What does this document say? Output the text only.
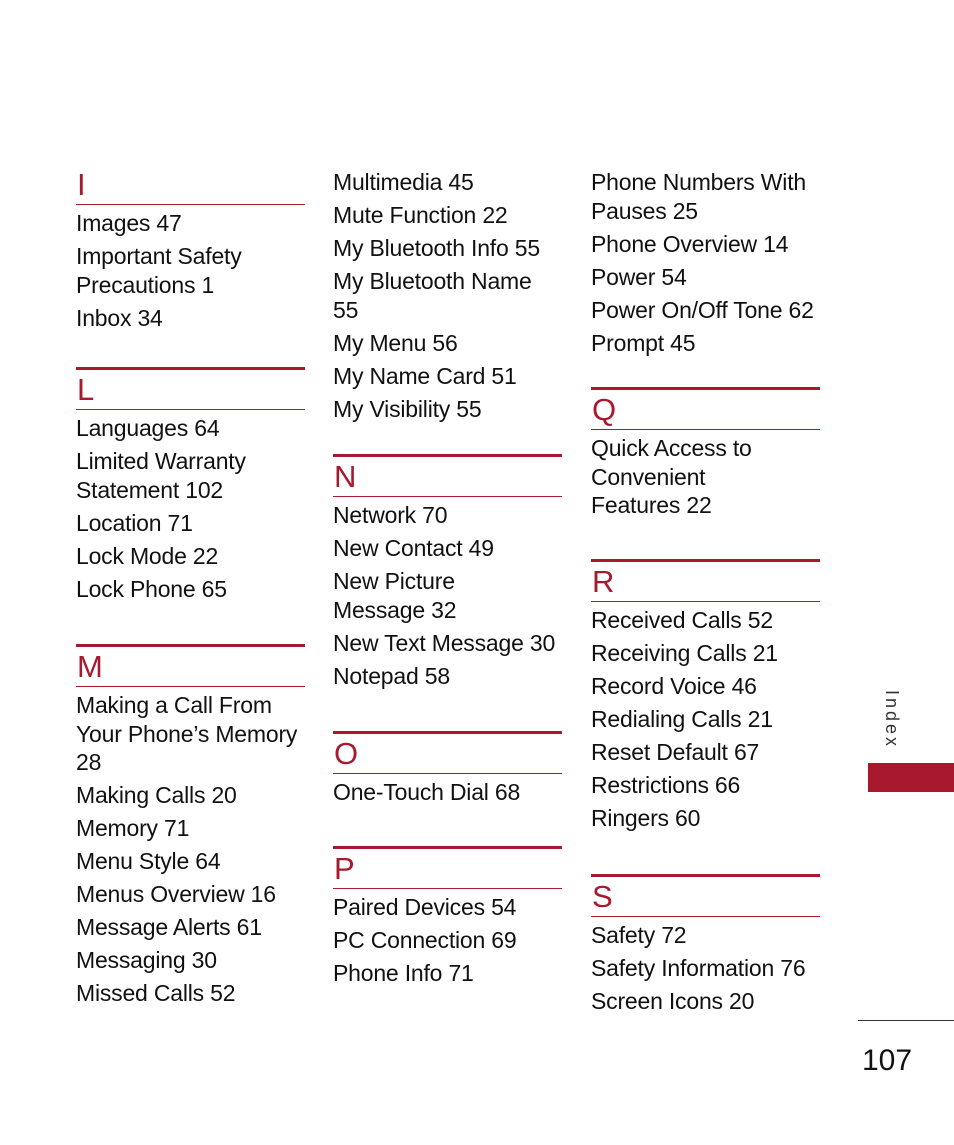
I
Images 47
Important Safety Precautions 1
Inbox 34
L
Languages 64
Limited Warranty Statement 102
Location 71
Lock Mode 22
Lock Phone 65
M
Making a Call From Your Phone’s Memory 28
Making Calls 20
Memory 71
Menu Style 64
Menus Overview 16
Message Alerts 61
Messaging 30
Missed Calls 52
Multimedia 45
Mute Function 22
My Bluetooth Info 55
My Bluetooth Name 55
My Menu 56
My Name Card 51
My Visibility 55
N
Network 70
New Contact 49
New Picture Message 32
New Text Message 30
Notepad 58
O
One-Touch Dial 68
P
Paired Devices 54
PC Connection 69
Phone Info 71
Phone Numbers With Pauses 25
Phone Overview 14
Power 54
Power On/Off Tone 62
Prompt 45
Q
Quick Access to Convenient Features 22
R
Received Calls 52
Receiving Calls 21
Record Voice 46
Redialing Calls 21
Reset Default 67
Restrictions 66
Ringers 60
S
Safety 72
Safety Information 76
Screen Icons 20
Index
107
